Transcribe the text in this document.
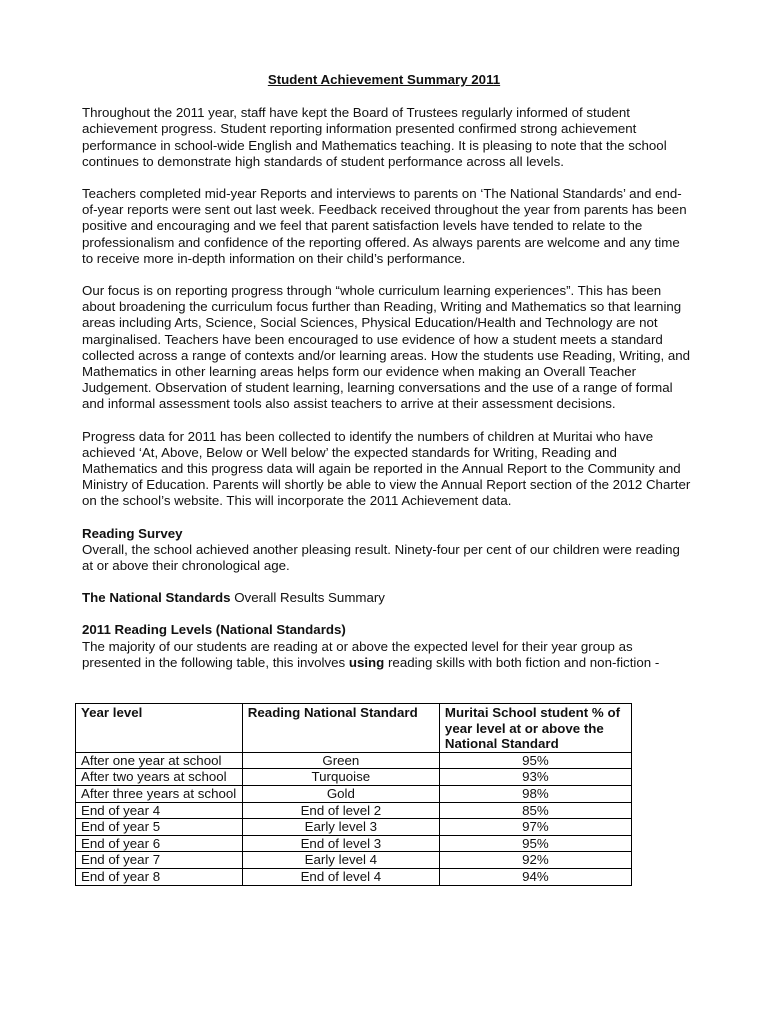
Student Achievement Summary 2011

Throughout the 2011 year, staff have kept the Board of Trustees regularly informed of student achievement progress. Student reporting information presented confirmed strong achievement performance in school-wide English and Mathematics teaching. It is pleasing to note that the school continues to demonstrate high standards of student performance across all levels.

Teachers completed mid-year Reports and interviews to parents on ‘The National Standards’ and end-of-year reports were sent out last week. Feedback received throughout the year from parents has been positive and encouraging and we feel that parent satisfaction levels have tended to relate to the professionalism and confidence of the reporting offered. As always parents are welcome and any time to receive more in-depth information on their child’s performance.

Our focus is on reporting progress through “whole curriculum learning experiences”. This has been about broadening the curriculum focus further than Reading, Writing and Mathematics so that learning areas including Arts, Science, Social Sciences, Physical Education/Health and Technology are not marginalised. Teachers have been encouraged to use evidence of how a student meets a standard collected across a range of contexts and/or learning areas. How the students use Reading, Writing, and Mathematics in other learning areas helps form our evidence when making an Overall Teacher Judgement. Observation of student learning, learning conversations and the use of a range of formal and informal assessment tools also assist teachers to arrive at their assessment decisions.

Progress data for 2011 has been collected to identify the numbers of children at Muritai who have achieved ‘At, Above, Below or Well below’ the expected standards for Writing, Reading and Mathematics and this progress data will again be reported in the Annual Report to the Community and Ministry of Education. Parents will shortly be able to view the Annual Report section of the 2012 Charter on the school’s website. This will incorporate the 2011 Achievement data.

Reading Survey

Overall, the school achieved another pleasing result. Ninety-four per cent of our children were reading at or above their chronological age.

The National Standards Overall Results Summary

2011 Reading Levels (National Standards)

The majority of our students are reading at or above the expected level for their year group as presented in the following table, this involves using reading skills with both fiction and non-fiction -

Year level	Reading National Standard	Muritai School student % of year level at or above the National Standard
After one year at school	Green	95%
After two years at school	Turquoise	93%
After three years at school	Gold	98%
End of year 4	End of level 2	85%
End of year 5	Early level 3	97%
End of year 6	End of level 3	95%
End of year 7	Early level 4	92%
End of year 8	End of level 4	94%
